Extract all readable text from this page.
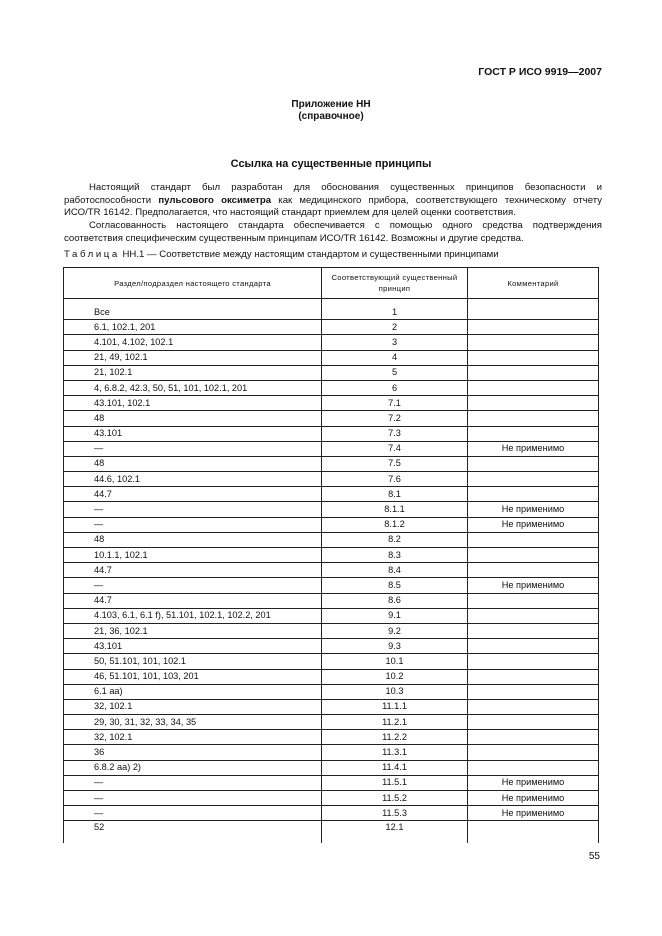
ГОСТ Р ИСО 9919—2007
Приложение НН
(справочное)
Ссылка на существенные принципы
Настоящий стандарт был разработан для обоснования существенных принципов безопасности и работоспособности пульсового оксиметра как медицинского прибора, соответствующего техническому отчету ИСО/TR 16142. Предполагается, что настоящий стандарт приемлем для целей оценки соответствия.
Согласованность настоящего стандарта обеспечивается с помощью одного средства подтверждения соответствия специфическим существенным принципам ИСО/TR 16142. Возможны и другие средства.
Таблица НН.1 — Соответствие между настоящим стандартом и существенными принципами
Раздел/подраздел настоящего стандарта	Соответствующий существенный принцип	Комментарий

Все	1	
6.1, 102.1, 201	2	
4.101, 4.102, 102.1	3	
21, 49, 102.1	4	
21, 102.1	5	
4, 6.8.2, 42.3, 50, 51, 101, 102.1, 201	6	
43.101, 102.1	7.1	
48	7.2	
43.101	7.3	
—	7.4	Не применимо
48	7.5	
44.6, 102.1	7.6	
44.7	8.1	
—	8.1.1	Не применимо
—	8.1.2	Не применимо
48	8.2	
10.1.1, 102.1	8.3	
44.7	8.4	
—	8.5	Не применимо
44.7	8.6	
4.103, 6.1, 6.1 f), 51.101, 102.1, 102.2, 201	9.1	
21, 36, 102.1	9.2	
43.101	9.3	
50, 51.101, 101, 102.1	10.1	
46, 51.101, 101, 103, 201	10.2	
6.1 aa)	10.3	
32, 102.1	11.1.1	
29, 30, 31, 32, 33, 34, 35	11.2.1	
32, 102.1	11.2.2	
36	11.3.1	
6.8.2 aa) 2)	11.4.1	
—	11.5.1	Не применимо
—	11.5.2	Не применимо
—	11.5.3	Не применимо
52	12.1	
55
